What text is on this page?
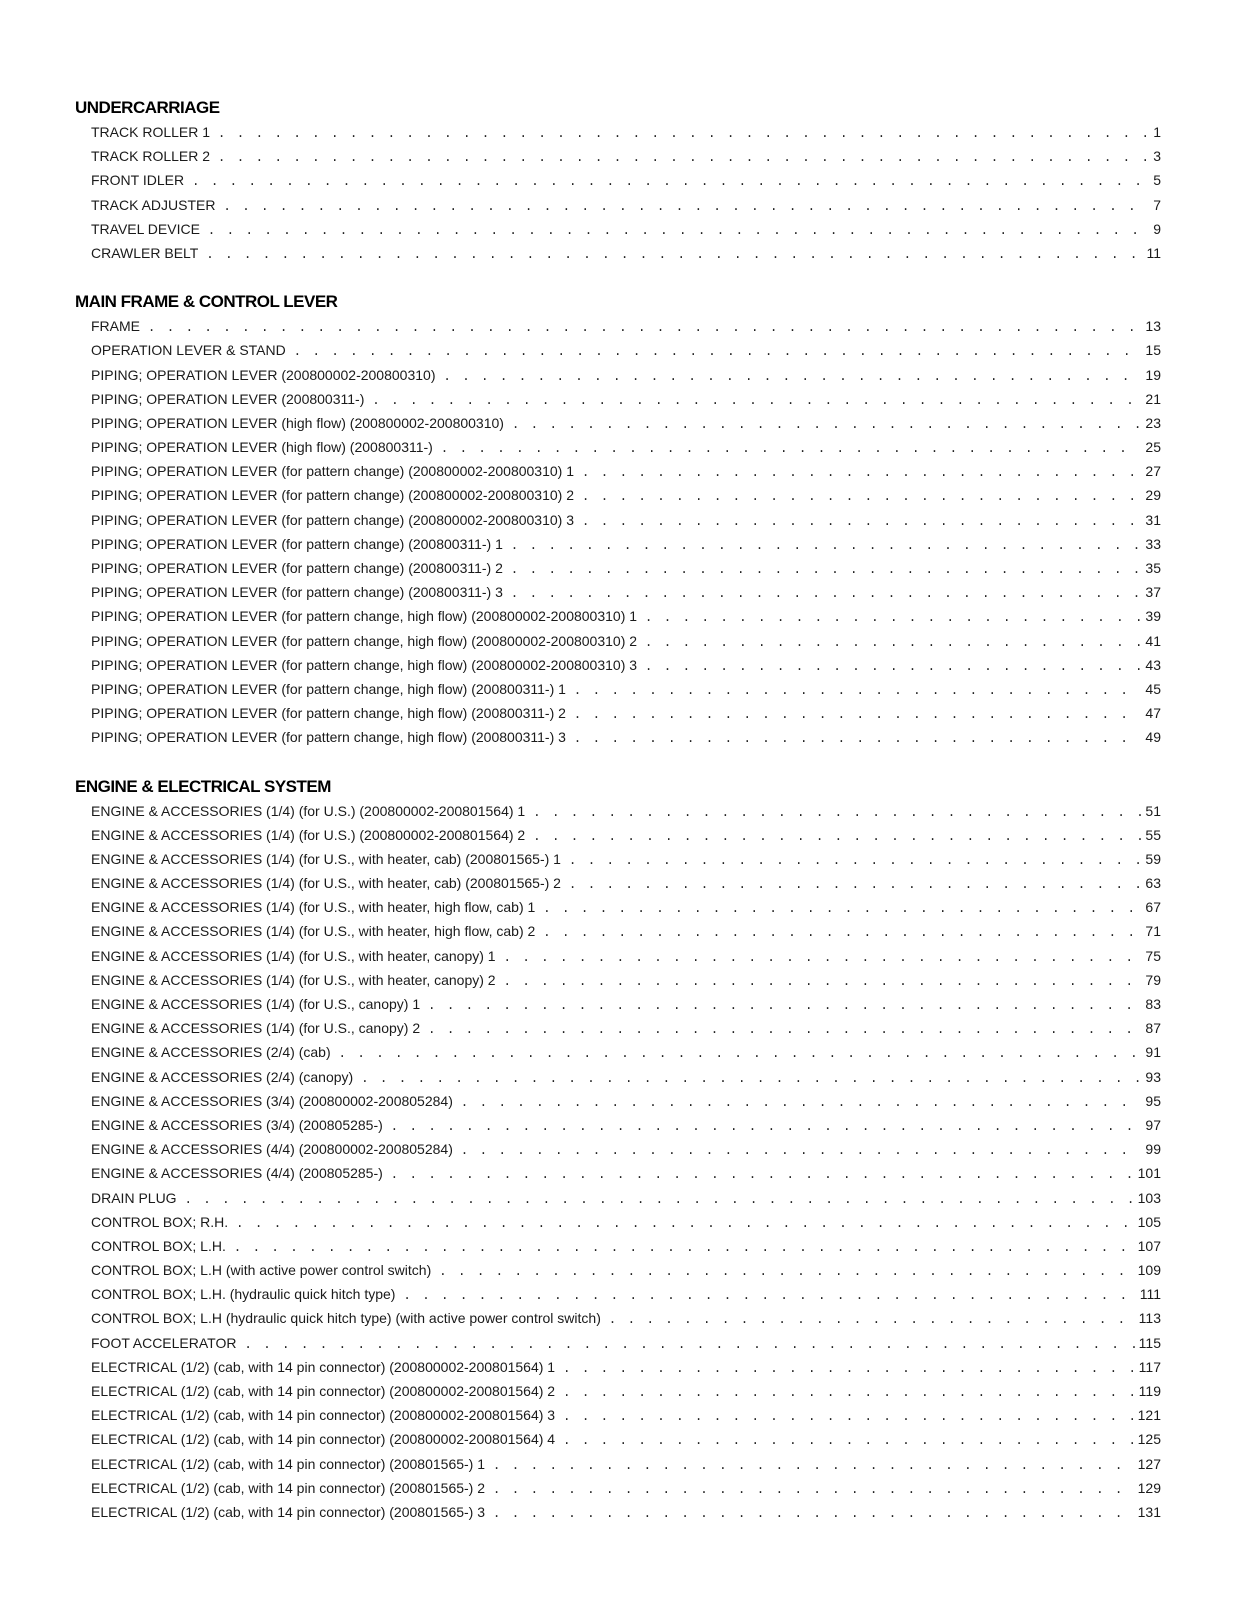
UNDERCARRIAGE
TRACK ROLLER 1 . . .	1
TRACK ROLLER 2 . . .	3
FRONT IDLER . . .	5
TRACK ADJUSTER . . .	7
TRAVEL DEVICE . . .	9
CRAWLER BELT . . .	11
MAIN FRAME & CONTROL LEVER
FRAME . . .	13
OPERATION LEVER & STAND . . .	15
PIPING; OPERATION LEVER (200800002-200800310) . . .	19
PIPING; OPERATION LEVER (200800311-) . . .	21
PIPING; OPERATION LEVER (high flow) (200800002-200800310) . . .	23
PIPING; OPERATION LEVER (high flow) (200800311-) . . .	25
PIPING; OPERATION LEVER (for pattern change) (200800002-200800310) 1 . . .	27
PIPING; OPERATION LEVER (for pattern change) (200800002-200800310) 2 . . .	29
PIPING; OPERATION LEVER (for pattern change) (200800002-200800310) 3 . . .	31
PIPING; OPERATION LEVER (for pattern change) (200800311-) 1 . . .	33
PIPING; OPERATION LEVER (for pattern change) (200800311-) 2 . . .	35
PIPING; OPERATION LEVER (for pattern change) (200800311-) 3 . . .	37
PIPING; OPERATION LEVER (for pattern change, high flow) (200800002-200800310) 1 . . .	39
PIPING; OPERATION LEVER (for pattern change, high flow) (200800002-200800310) 2 . . .	41
PIPING; OPERATION LEVER (for pattern change, high flow) (200800002-200800310) 3 . . .	43
PIPING; OPERATION LEVER (for pattern change, high flow) (200800311-) 1 . . .	45
PIPING; OPERATION LEVER (for pattern change, high flow) (200800311-) 2 . . .	47
PIPING; OPERATION LEVER (for pattern change, high flow) (200800311-) 3 . . .	49
ENGINE & ELECTRICAL SYSTEM
ENGINE & ACCESSORIES (1/4) (for U.S.) (200800002-200801564) 1 . . .	51
ENGINE & ACCESSORIES (1/4) (for U.S.) (200800002-200801564) 2 . . .	55
ENGINE & ACCESSORIES (1/4) (for U.S., with heater, cab) (200801565-) 1 . . .	59
ENGINE & ACCESSORIES (1/4) (for U.S., with heater, cab) (200801565-) 2 . . .	63
ENGINE & ACCESSORIES (1/4) (for U.S., with heater, high flow, cab) 1 . . .	67
ENGINE & ACCESSORIES (1/4) (for U.S., with heater, high flow, cab) 2 . . .	71
ENGINE & ACCESSORIES (1/4) (for U.S., with heater, canopy) 1 . . .	75
ENGINE & ACCESSORIES (1/4) (for U.S., with heater, canopy) 2 . . .	79
ENGINE & ACCESSORIES (1/4) (for U.S., canopy) 1 . . .	83
ENGINE & ACCESSORIES (1/4) (for U.S., canopy) 2 . . .	87
ENGINE & ACCESSORIES (2/4) (cab) . . .	91
ENGINE & ACCESSORIES (2/4) (canopy) . . .	93
ENGINE & ACCESSORIES (3/4) (200800002-200805284) . . .	95
ENGINE & ACCESSORIES (3/4) (200805285-) . . .	97
ENGINE & ACCESSORIES (4/4) (200800002-200805284) . . .	99
ENGINE & ACCESSORIES (4/4) (200805285-) . . .	101
DRAIN PLUG . . .	103
CONTROL BOX; R.H. . . .	105
CONTROL BOX; L.H. . . .	107
CONTROL BOX; L.H (with active power control switch) . . .	109
CONTROL BOX; L.H. (hydraulic quick hitch type) . . .	111
CONTROL BOX; L.H (hydraulic quick hitch type) (with active power control switch) . . .	113
FOOT ACCELERATOR . . .	115
ELECTRICAL (1/2) (cab, with 14 pin connector) (200800002-200801564) 1 . . .	117
ELECTRICAL (1/2) (cab, with 14 pin connector) (200800002-200801564) 2 . . .	119
ELECTRICAL (1/2) (cab, with 14 pin connector) (200800002-200801564) 3 . . .	121
ELECTRICAL (1/2) (cab, with 14 pin connector) (200800002-200801564) 4 . . .	125
ELECTRICAL (1/2) (cab, with 14 pin connector) (200801565-) 1 . . .	127
ELECTRICAL (1/2) (cab, with 14 pin connector) (200801565-) 2 . . .	129
ELECTRICAL (1/2) (cab, with 14 pin connector) (200801565-) 3 . . .	131
